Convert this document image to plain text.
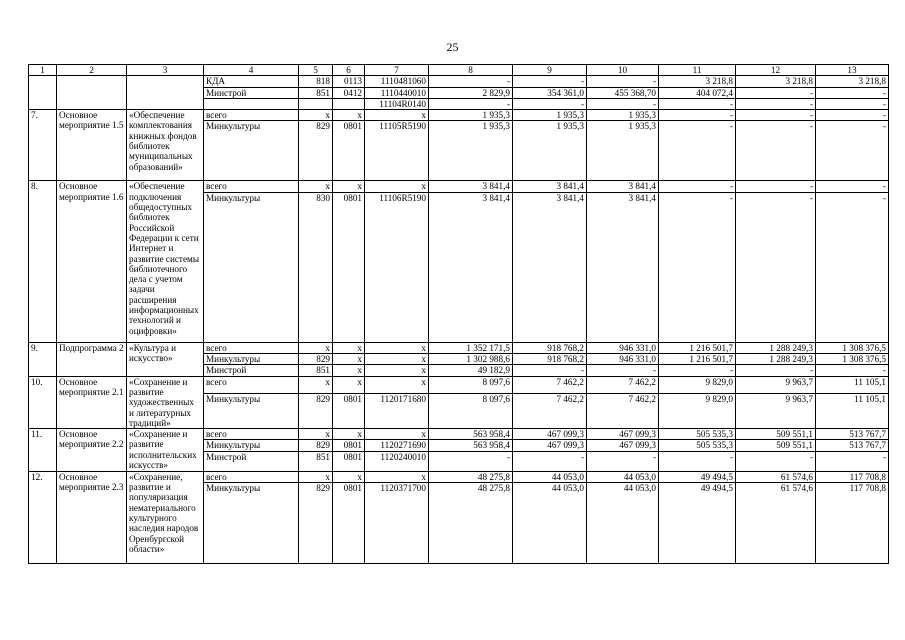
25
1	2	3	4	5	6	7	8	9	10	11	12	13
			КДА	818	0113	1110481060	-	-	-	3 218,8	3 218,8	3 218,8
			Минстрой	851	0412	1110440010	2 829,9	354 361,0	455 368,70	404 072,4	-	-
						11104R0140	-	-	-	-	-	-
7.	Основное мероприятие 1.5	«Обеспечение комплектования книжных фондов библиотек муниципальных образований»	всего	х	х	х	1 935,3	1 935,3	1 935,3	-	-	-
			Минкультуры	829	0801	11105R5190	1 935,3	1 935,3	1 935,3	-	-	-
8.	Основное мероприятие 1.6	«Обеспечение подключения общедоступных библиотек Российской Федерации к сети Интернет и развитие системы библиотечного дела с учетом задачи расширения информационных технологий и оцифровки»	всего	х	х	х	3 841,4	3 841,4	3 841,4	-	-	-
			Минкультуры	830	0801	11106R5190	3 841,4	3 841,4	3 841,4	-	-	-
9.	Подпрограмма 2	«Культура и искусство»	всего	х	х	х	1 352 171,5	918 768,2	946 331,0	1 216 501,7	1 288 249,3	1 308 376,5
			Минкультуры	829	х	х	1 302 988,6	918 768,2	946 331,0	1 216 501,7	1 288 249,3	1 308 376,5
			Минстрой	851	х	х	49 182,9	-	-	-	-	-
10.	Основное мероприятие 2.1	«Сохранение и развитие художественных и литературных традиций»	всего	х	х	х	8 097,6	7 462,2	7 462,2	9 829,0	9 963,7	11 105,1
			Минкультуры	829	0801	1120171680	8 097,6	7 462,2	7 462,2	9 829,0	9 963,7	11 105,1
11.	Основное мероприятие 2.2	«Сохранение и развитие исполнительских искусств»	всего	х	х	х	563 958,4	467 099,3	467 099,3	505 535,3	509 551,1	513 767,7
			Минкультуры	829	0801	1120271690	563 958,4	467 099,3	467 099,3	505 535,3	509 551,1	513 767,7
			Минстрой	851	0801	1120240010	-	-	-	-	-	-
12.	Основное мероприятие 2.3	«Сохранение, развитие и популяризация нематериального культурного наследия народов Оренбургской области»	всего	х	х	х	48 275,8	44 053,0	44 053,0	49 494,5	61 574,6	117 708,8
			Минкультуры	829	0801	1120371700	48 275,8	44 053,0	44 053,0	49 494,5	61 574,6	117 708,8
